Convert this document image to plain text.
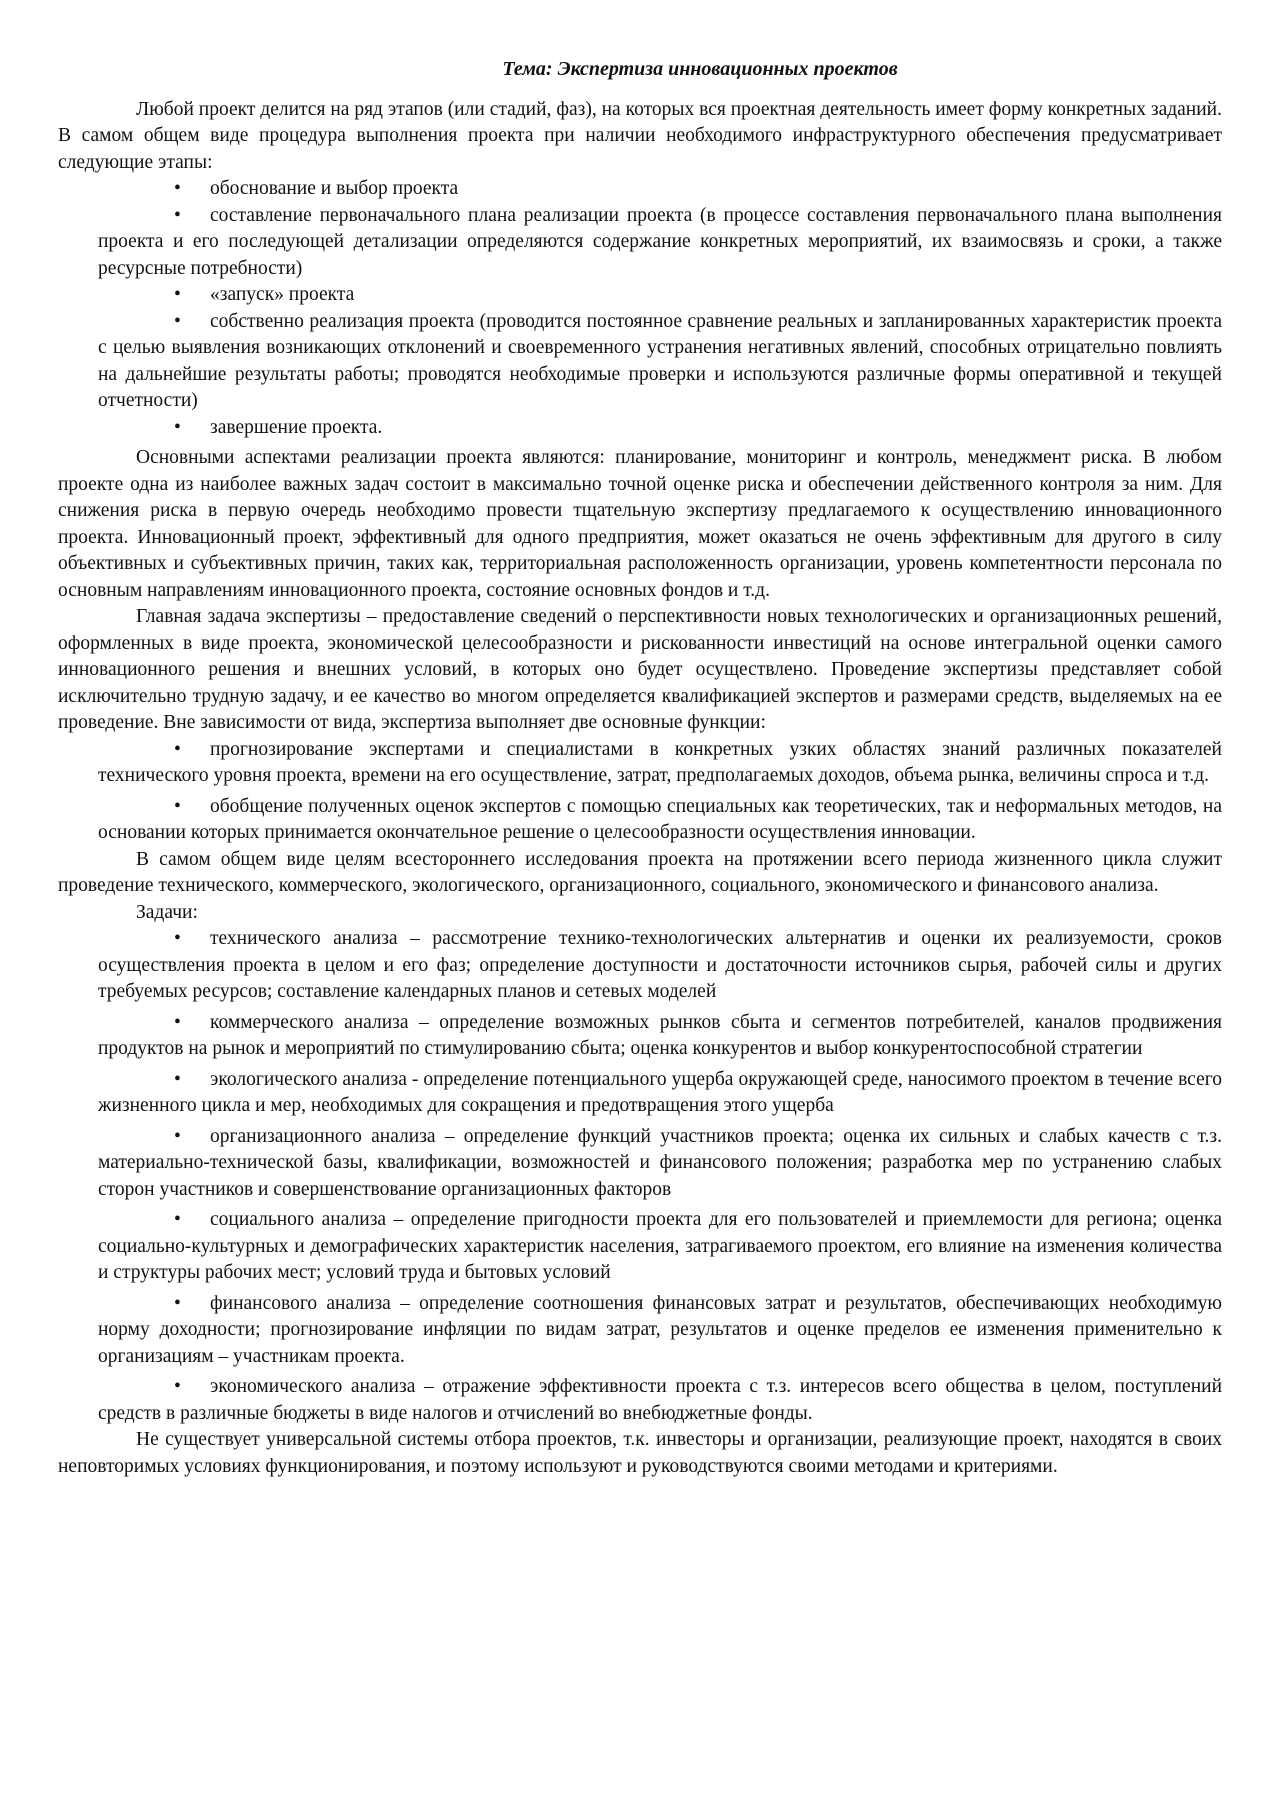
Тема: Экспертиза инновационных проектов

Любой проект делится на ряд этапов (или стадий, фаз), на которых вся проектная деятельность имеет форму конкретных заданий. В самом общем виде процедура выполнения проекта при наличии необходимого инфраструктурного обеспечения предусматривает следующие этапы:

• обоснование и выбор проекта
• составление первоначального плана реализации проекта (в процессе составления первоначального плана выполнения проекта и его последующей детализации определяются содержание конкретных мероприятий, их взаимосвязь и сроки, а также ресурсные потребности)
• «запуск» проекта
• собственно реализация проекта (проводится постоянное сравнение реальных и запланированных характеристик проекта с целью выявления возникающих отклонений и своевременного устранения негативных явлений, способных отрицательно повлиять на дальнейшие результаты работы; проводятся необходимые проверки и используются различные формы оперативной и текущей отчетности)
• завершение проекта.

Основными аспектами реализации проекта являются: планирование, мониторинг и контроль, менеджмент риска. В любом проекте одна из наиболее важных задач состоит в максимально точной оценке риска и обеспечении действенного контроля за ним. Для снижения риска в первую очередь необходимо провести тщательную экспертизу предлагаемого к осуществлению инновационного проекта. Инновационный проект, эффективный для одного предприятия, может оказаться не очень эффективным для другого в силу объективных и субъективных причин, таких как, территориальная расположенность организации, уровень компетентности персонала по основным направлениям инновационного проекта, состояние основных фондов и т.д.

Главная задача экспертизы – предоставление сведений о перспективности новых технологических и организационных решений, оформленных в виде проекта, экономической целесообразности и рискованности инвестиций на основе интегральной оценки самого инновационного решения и внешних условий, в которых оно будет осуществлено. Проведение экспертизы представляет собой исключительно трудную задачу, и ее качество во многом определяется квалификацией экспертов и размерами средств, выделяемых на ее проведение. Вне зависимости от вида, экспертиза выполняет две основные функции:

• прогнозирование экспертами и специалистами в конкретных узких областях знаний различных показателей технического уровня проекта, времени на его осуществление, затрат, предполагаемых доходов, объема рынка, величины спроса и т.д.
• обобщение полученных оценок экспертов с помощью специальных как теоретических, так и неформальных методов, на основании которых принимается окончательное решение о целесообразности осуществления инновации.

В самом общем виде целям всестороннего исследования проекта на протяжении всего периода жизненного цикла служит проведение технического, коммерческого, экологического, организационного, социального, экономического и финансового анализа.

Задачи:

• технического анализа – рассмотрение технико-технологических альтернатив и оценки их реализуемости, сроков осуществления проекта в целом и его фаз; определение доступности и достаточности источников сырья, рабочей силы и других требуемых ресурсов; составление календарных планов и сетевых моделей
• коммерческого анализа – определение возможных рынков сбыта и сегментов потребителей, каналов продвижения продуктов на рынок и мероприятий по стимулированию сбыта; оценка конкурентов и выбор конкурентоспособной стратегии
• экологического анализа - определение потенциального ущерба окружающей среде, наносимого проектом в течение всего жизненного цикла и мер, необходимых для сокращения и предотвращения этого ущерба
• организационного анализа – определение функций участников проекта; оценка их сильных и слабых качеств с т.з. материально-технической базы, квалификации, возможностей и финансового положения; разработка мер по устранению слабых сторон участников и совершенствование организационных факторов
• социального анализа – определение пригодности проекта для его пользователей и приемлемости для региона; оценка социально-культурных и демографических характеристик населения, затрагиваемого проектом, его влияние на изменения количества и структуры рабочих мест; условий труда и бытовых условий
• финансового анализа – определение соотношения финансовых затрат и результатов, обеспечивающих необходимую норму доходности; прогнозирование инфляции по видам затрат, результатов и оценке пределов ее изменения применительно к организациям – участникам проекта.
• экономического анализа – отражение эффективности проекта с т.з. интересов всего общества в целом, поступлений средств в различные бюджеты в виде налогов и отчислений во внебюджетные фонды.

Не существует универсальной системы отбора проектов, т.к. инвесторы и организации, реализующие проект, находятся в своих неповторимых условиях функционирования, и поэтому используют и руководствуются своими методами и критериями.
